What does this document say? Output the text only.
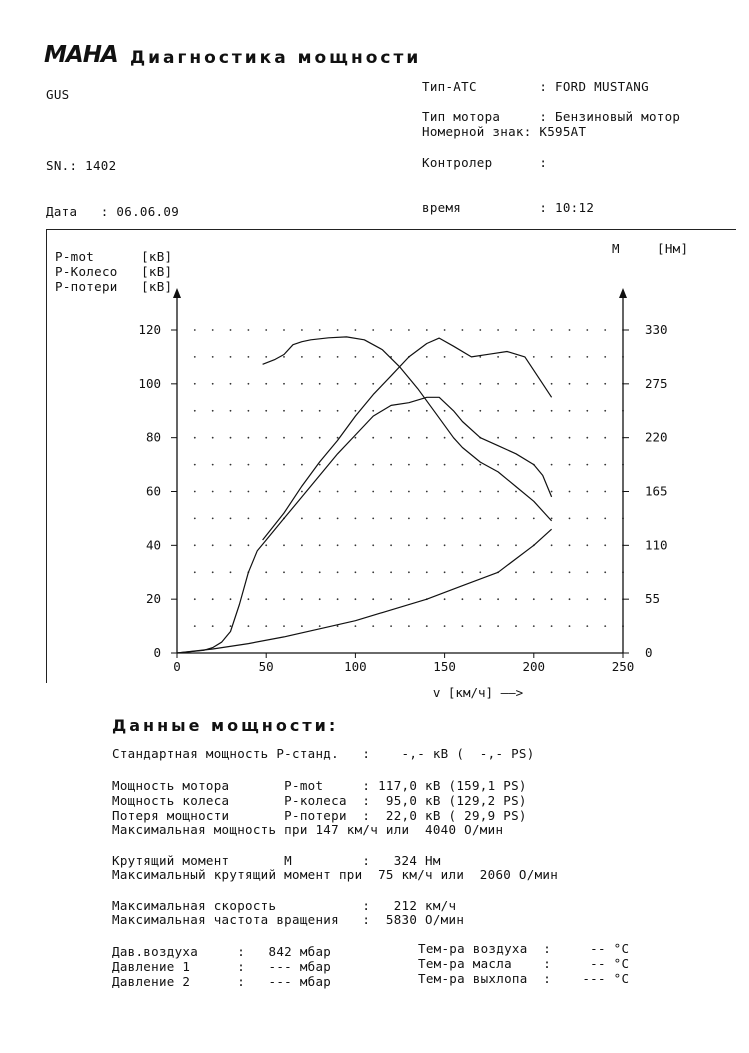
MAHA Диагностика мощности
GUS
SN.: 1402
Дата   : 06.06.09
Тип-АТС        : FORD MUSTANG
Тип мотора     : Бензиновый мотор
Номерной знак: K595AT
Контролер      :
время          : 10:12
P-mot      [кВ]
P-Колесо   [кВ]
P-потери   [кВ]
M	[Нм]
0	50	100	150	200	250
0
20
40
60
80
100
120
0
55
110
165
220
275
330
v [км/ч] ——>
Данные мощности:
Стандартная мощность P-станд.   :    -,- кВ (  -,- PS)
Мощность мотора       P-mot     : 117,0 кВ (159,1 PS)
Мощность колеса       P-колеса  :  95,0 кВ (129,2 PS)
Потеря мощности       P-потери  :  22,0 кВ ( 29,9 PS)
Максимальная мощность при 147 км/ч или  4040 О/мин
Крутящий момент       M         :   324 Нм
Максимальный крутящий момент при  75 км/ч или  2060 О/мин
Максимальная скорость           :   212 км/ч
Максимальная частота вращения   :  5830 О/мин
Дав.воздуха     :   842 мбар
Давление 1      :   --- мбар
Давление 2      :   --- мбар
Тем-ра воздуха  :     -- °C
Тем-ра масла    :     -- °C
Тем-ра выхлопа  :    --- °C
